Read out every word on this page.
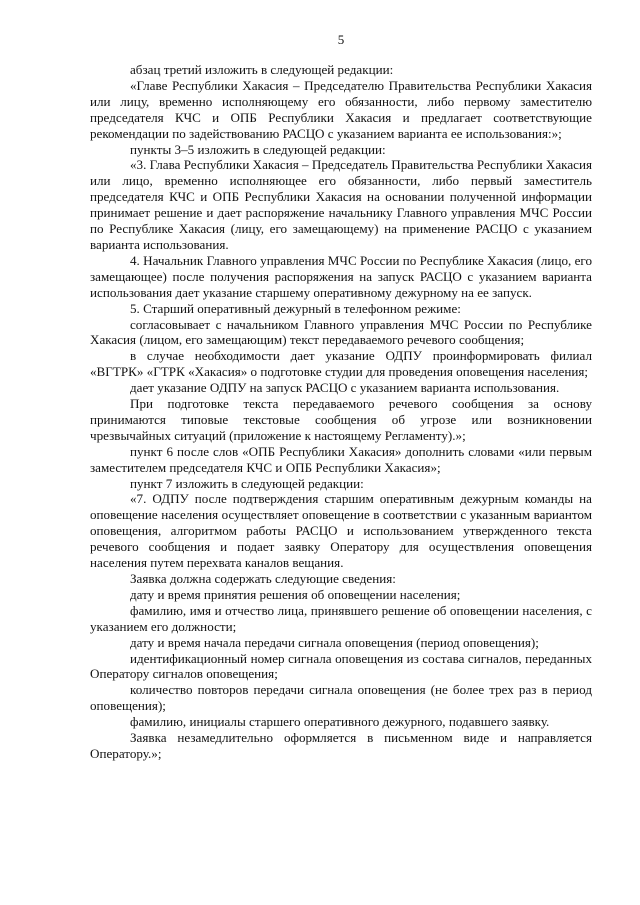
5

абзац третий изложить в следующей редакции:

«Главе Республики Хакасия – Председателю Правительства Республики Хакасия или лицу, временно исполняющему его обязанности, либо первому заместителю председателя КЧС и ОПБ Республики Хакасия и предлагает соответствующие рекомендации по задействованию РАСЦО с указанием варианта ее использования:»;

пункты 3–5 изложить в следующей редакции:

«3. Глава Республики Хакасия – Председатель Правительства Республики Хакасия или лицо, временно исполняющее его обязанности, либо первый заместитель председателя КЧС и ОПБ Республики Хакасия на основании полученной информации принимает решение и дает распоряжение начальнику Главного управления МЧС России по Республике Хакасия (лицу, его замещающему) на применение РАСЦО с указанием варианта использования.

4. Начальник Главного управления МЧС России по Республике Хакасия (лицо, его замещающее) после получения распоряжения на запуск РАСЦО с указанием варианта использования дает указание старшему оперативному дежурному на ее запуск.

5. Старший оперативный дежурный в телефонном режиме:

согласовывает с начальником Главного управления МЧС России по Республике Хакасия (лицом, его замещающим) текст передаваемого речевого сообщения;

в случае необходимости дает указание ОДПУ проинформировать филиал «ВГТРК» «ГТРК «Хакасия» о подготовке студии для проведения оповещения населения;

дает указание ОДПУ на запуск РАСЦО с указанием варианта использования.

При подготовке текста передаваемого речевого сообщения за основу принимаются типовые текстовые сообщения об угрозе или возникновении чрезвычайных ситуаций (приложение к настоящему Регламенту).»;

пункт 6 после слов «ОПБ Республики Хакасия» дополнить словами «или первым заместителем председателя КЧС и ОПБ Республики Хакасия»;

пункт 7 изложить в следующей редакции:

«7. ОДПУ после подтверждения старшим оперативным дежурным команды на оповещение населения осуществляет оповещение в соответствии с указанным вариантом оповещения, алгоритмом работы РАСЦО и использованием утвержденного текста речевого сообщения и подает заявку Оператору для осуществления оповещения населения путем перехвата каналов вещания.

Заявка должна содержать следующие сведения:

дату и время принятия решения об оповещении населения;

фамилию, имя и отчество лица, принявшего решение об оповещении населения, с указанием его должности;

дату и время начала передачи сигнала оповещения (период оповещения);

идентификационный номер сигнала оповещения из состава сигналов, переданных Оператору сигналов оповещения;

количество повторов передачи сигнала оповещения (не более трех раз в период оповещения);

фамилию, инициалы старшего оперативного дежурного, подавшего заявку.

Заявка незамедлительно оформляется в письменном виде и направляется Оператору.»;
